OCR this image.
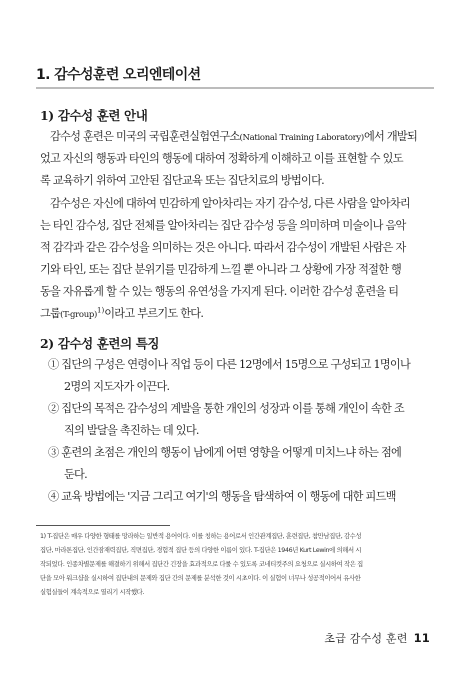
1. 감수성훈련 오리엔테이션
1) 감수성 훈련 안내
감수성 훈련은 미국의 국립훈련실험연구소(National Training Laboratory)에서 개발되
었고 자신의 행동과 타인의 행동에 대하여 정확하게 이해하고 이를 표현할 수 있도
록 교육하기 위하여 고안된 집단교육 또는 집단치료의 방법이다.
감수성은 자신에 대하여 민감하게 알아차리는 자기 감수성, 다른 사람을 알아차리
는 타인 감수성, 집단 전체를 알아차리는 집단 감수성 등을 의미하며 미술이나 음악
적 감각과 같은 감수성을 의미하는 것은 아니다. 따라서 감수성이 개발된 사람은 자
기와 타인, 또는 집단 분위기를 민감하게 느낄 뿐 아니라 그 상황에 가장 적절한 행
동을 자유롭게 할 수 있는 행동의 유연성을 가지게 된다. 이러한 감수성 훈련을 티
그룹(T-group)$^{1)}$이라고 부르기도 한다.
2) 감수성 훈련의 특징
① 집단의 구성은 연령이나 직업 등이 다른 12명에서 15명으로 구성되고 1명이나
2명의 지도자가 이끈다.
② 집단의 목적은 감수성의 계발을 통한 개인의 성장과 이를 통해 개인이 속한 조
직의 발달을 촉진하는 데 있다.
③ 훈련의 초점은 개인의 행동이 남에게 어떤 영향을 어떻게 미치느냐 하는 점에
둔다.
④ 교육 방법에는 '지금 그리고 여기'의 행동을 탐색하여 이 행동에 대한 피드백
1) T-집단은 매우 다양한 형태를 망라하는 일반적 용어이다. 이를 칭하는 용어로서 인간관계집단, 훈련집단, 참만남집단, 감수성
집단, 마라톤집단, 인간잠재력집단, 직면집단, 경험적 집단 등의 다양한 이름이 있다. T-집단은 1946년 Kurt Lewin에 의해서 시
작되었다. 인종차별문제를 해결하기 위해서 집단간 긴장을 효과적으로 다룰 수 있도록 코네티컷주의 요청으로 실시하여 작은 집
단을 모아 워크샵을 실시하여 집단내의 문제와 집단 간의 문제를 분석한 것이 시초이다. 이 실험이 너무나 성공적이어서 유사한
실험실들이 계속적으로 열리기 시작했다.
초급 감수성 훈련 11
